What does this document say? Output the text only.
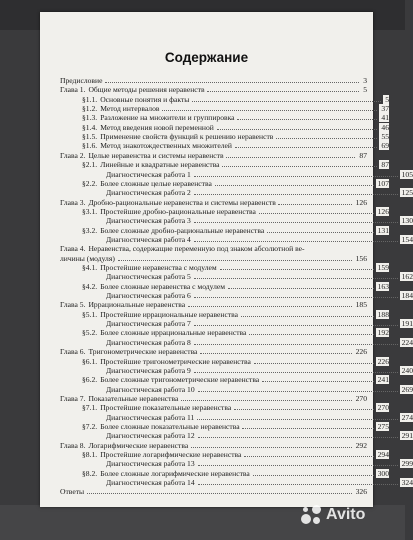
Содержание
Предисловие	3
Глава 1. Общие методы решения неравенств	5
§1.1. Основные понятия и факты	5
§1.2. Метод интервалов	37
§1.3. Разложение на множители и группировка	41
§1.4. Метод введения новой переменной	46
§1.5. Применение свойств функций к решению неравенств	55
§1.6. Метод знакотождественных множителей	69
Глава 2. Целые неравенства и системы неравенств	87
§2.1. Линейные и квадратные неравенства	87
Диагностическая работа 1	105
§2.2. Более сложные целые неравенства	107
Диагностическая работа 2	125
Глава 3. Дробно-рациональные неравенства и системы неравенств	126
§3.1. Простейшие дробно-рациональные неравенства	126
Диагностическая работа 3	130
§3.2. Более сложные дробно-рациональные неравенства	131
Диагностическая работа 4	154
Глава 4. Неравенства, содержащие переменную под знаком абсолютной ве-
личины (модуля)	156
§4.1. Простейшие неравенства с модулем	159
Диагностическая работа 5	162
§4.2. Более сложные неравенства с модулем	163
Диагностическая работа 6	184
Глава 5. Иррациональные неравенства	185
§5.1. Простейшие иррациональные неравенства	188
Диагностическая работа 7	191
§5.2. Более сложные иррациональные неравенства	192
Диагностическая работа 8	224
Глава 6. Тригонометрические неравенства	226
§6.1. Простейшие тригонометрические неравенства	226
Диагностическая работа 9	240
§6.2. Более сложные тригонометрические неравенства	241
Диагностическая работа 10	269
Глава 7. Показательные неравенства	270
§7.1. Простейшие показательные неравенства	270
Диагностическая работа 11	274
§7.2. Более сложные показательные неравенства	275
Диагностическая работа 12	291
Глава 8. Логарифмические неравенства	292
§8.1. Простейшие логарифмические неравенства	294
Диагностическая работа 13	299
§8.2. Более сложные логарифмические неравенства	300
Диагностическая работа 14	324
Ответы	326
Avito
